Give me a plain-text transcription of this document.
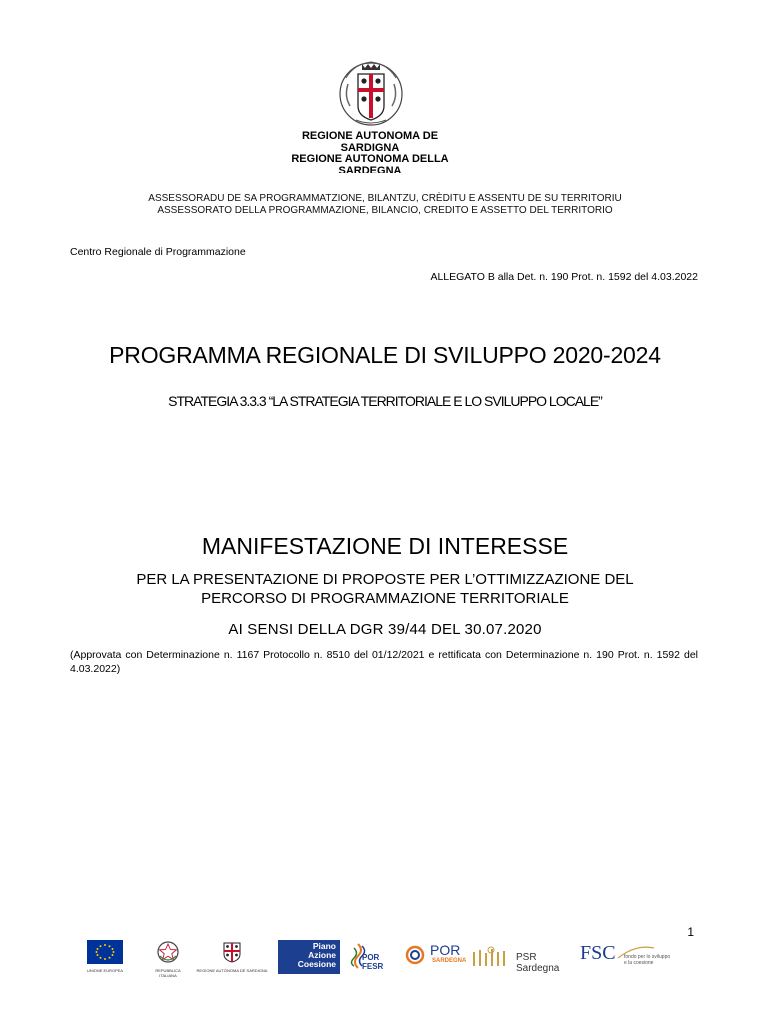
REGIONE AUTÒNOMA DE
SARDIGNA
REGIONE AUTONOMA DELLA
SARDEGNA
ASSESSORADU DE SA PROGRAMMATZIONE, BILANTZU, CRÈDITU E ASSENTU DE SU TERRITORIU
ASSESSORATO DELLA PROGRAMMAZIONE, BILANCIO, CREDITO E ASSETTO DEL TERRITORIO
Centro Regionale di Programmazione
ALLEGATO B alla Det. n. 190 Prot. n. 1592 del 4.03.2022
PROGRAMMA REGIONALE DI SVILUPPO 2020-2024
STRATEGIA 3.3.3 “LA STRATEGIA TERRITORIALE E LO SVILUPPO LOCALE”
MANIFESTAZIONE DI INTERESSE
PER LA PRESENTAZIONE DI PROPOSTE PER L’OTTIMIZZAZIONE DEL
PERCORSO DI PROGRAMMAZIONE TERRITORIALE
AI SENSI DELLA DGR 39/44 DEL 30.07.2020
(Approvata con Determinazione n. 1167 Protocollo n. 8510 del 01/12/2021 e rettificata con Determinazione n. 190 Prot. n. 1592 del 4.03.2022)
1
UNIONE EUROPEA	REPUBBLICA ITALIANA
REGIONE AUTÒNOMA DE SARDIGNA
Piano
Azione
Coesione
POR FESR
POR
SARDEGNA	PSR Sardegna
FSC fondo per lo sviluppo e la coesione
